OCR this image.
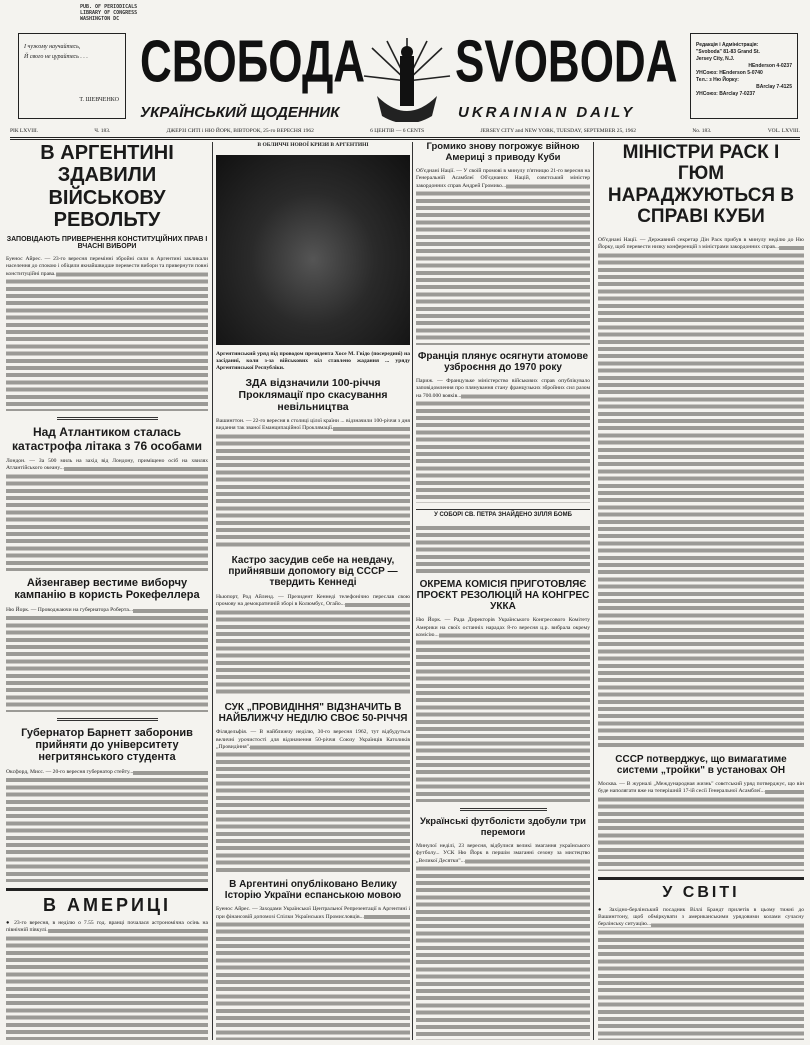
PUB. OF PERIODICALS
LIBRARY OF CONGRESS
WASHINGTON DC
І чужому научайтесь,
Й свого не цурайтесь . . .
Т. ШЕВЧЕНКО
СВОБОДА SVOBODA
УКРАЇНСЬКИЙ ЩОДЕННИК	UKRAINIAN DAILY
Редакція і Адміністрація:
"Svoboda" 81-83 Grand St.
Jersey City, N.J.
HEnderson 4-0237
УНСоюз: HEnderson 5-0740
Тел.: з Ню Йорку:
BArclay 7-4125
УНСоюз: BArclay 7-0237
РІК LXVIII.	Ч. 183.	ДЖЕРЗІ СИТІ і НЮ ЙОРК, ВІВТОРОК, 25-го ВЕРЕСНЯ 1962	6 ЦЕНТІВ — 6 CENTS	JERSEY CITY and NEW YORK, TUESDAY, SEPTEMBER 25, 1962	No. 183.	VOL. LXVIII.
В АРГЕНТИНІ ЗДАВИЛИ ВІЙСЬКОВУ РЕВОЛЬТУ
ЗАПОВІДАЮТЬ ПРИВЕРНЕННЯ КОНСТИТУЦІЙНИХ ПРАВ І ВЧАСНІ ВИБОРИ
Буенос Айрес. — 23-го вересня перемінні збройні сили в Аргентині закликали населення до спокою і обіцяли якнайшвидше перевести вибори та привернути повні конституційні права.
Над Атлантиком сталась катастрофа літака з 76 особами
Лондон. — За 500 миль на захід від Лондону, приміщено осіб на хвилях Атлантійського океану...
Айзенгавер вестиме виборчу кампанію в користь Рокефеллера
Ню Йорк. — Проводжаючи на губернатора Роберта...
Губернатор Барнетт заборонив прийняти до університету негритянського студента
Оксфорд, Мисс. — 20-го вересня губернатор стейту...
В АМЕРИЦІ
● 23-го вересня, в неділю о 7.55 год. вранці почалася астрономічна осінь на північній півкулі.
В ОБЛИЧЧІ НОВОЇ КРИЗИ В АРГЕНТИНІ
Аргентинський уряд під проводом президента Хосе М. Гвідо (посередині) на засіданні, коли з-за військових кіл ставлено жадання ... уряду Аргентинської Республіки.
ЗДА відзначили 100-річчя Проклямації про скасування невільництва
Вашингтон. — 22-го вересня в столиці цілої країни ... відзначили 100-річчя з дня видання так званої Еманципаційної Проклямації.
Кастро засудив себе на невдачу, прийнявши допомогу від СССР — твердить Кеннеді
Ньюпорт, Род Айленд. — Президент Кеннеді телефонічно переслав свою промову на демократичній зборі в Колюмбус, Огайо...
СУК „ПРОВИДІННЯ" ВІДЗНАЧИТЬ В НАЙБЛИЖЧУ НЕДІЛЮ СВОЄ 50-РІЧЧЯ
Філядельфія. — В найближчу неділю, 30-го вересня 1962, тут відбудуться величні урочистості для відзначення 50-річчя Союзу Українців Католиків „Провидіння".
В Аргентині опубліковано Велику Історію України еспанською мовою
Буенос Айрес. — Заходами Української Центральної Репрезентації в Аргентині і при фінансовій допомозі Спілки Українських Промисловців...
Громико знову погрожує війною Америці з приводу Куби
Об'єднані Нації. — У своїй промові в минулу п'ятницю 21-го вересня на Генеральній Асамблеї Об'єднаних Націй, совєтський міністер закордонних справ Андрей Громико...
Франція плянує осягнути атомове узброєння до 1970 року
Париж. — Французьке міністерство військових справ опублікувало заповідомлення про плянування стану французьких збройних сил разом на 700.000 вояків...
У СОБОРІ СВ. ПЕТРА ЗНАЙДЕНО ЗІЛЛЯ БОМБ
ОКРЕМА КОМІСІЯ ПРИГОТОВЛЯЄ ПРОЄКТ РЕЗОЛЮЦІЙ НА КОНГРЕС УККА
Ню Йорк. — Рада Директорів Українського Конгресового Комітету Америки на своїх останніх нарадах 8-го вересня ц.р. вибрала окрему комісію...
Українські футболісти здобули три перемоги
Минулої неділі, 23 вересня, відбулися великі змагання українського футболу... УСК Ню Йорк в першім змаганні сезону за мистецтво „Великої Десятки"...
МІНІСТРИ РАСК І ГЮМ НАРАДЖУЮТЬСЯ В СПРАВІ КУБИ
Об'єднані Нації. — Державний секретар Дін Раск прибув в минулу неділю до Ню Йорку, щоб перевести низку конференцій з міністрами закордонних справ...
СССР потверджує, що вимагатиме системи „тройки" в установах ОН
Москва. — В журналі „Международная жизнь" совєтський уряд потверджує, що він буде наполягати вже на теперішній 17-ій сесії Генеральної Асамблеї...
У СВІТІ
● Західно-берлінський посадник Віллі Брандт прилетів в цьому тижні до Вашингтону, щоб обміркувати з американськими урядовими колами сучасну берлінську ситуацію...
